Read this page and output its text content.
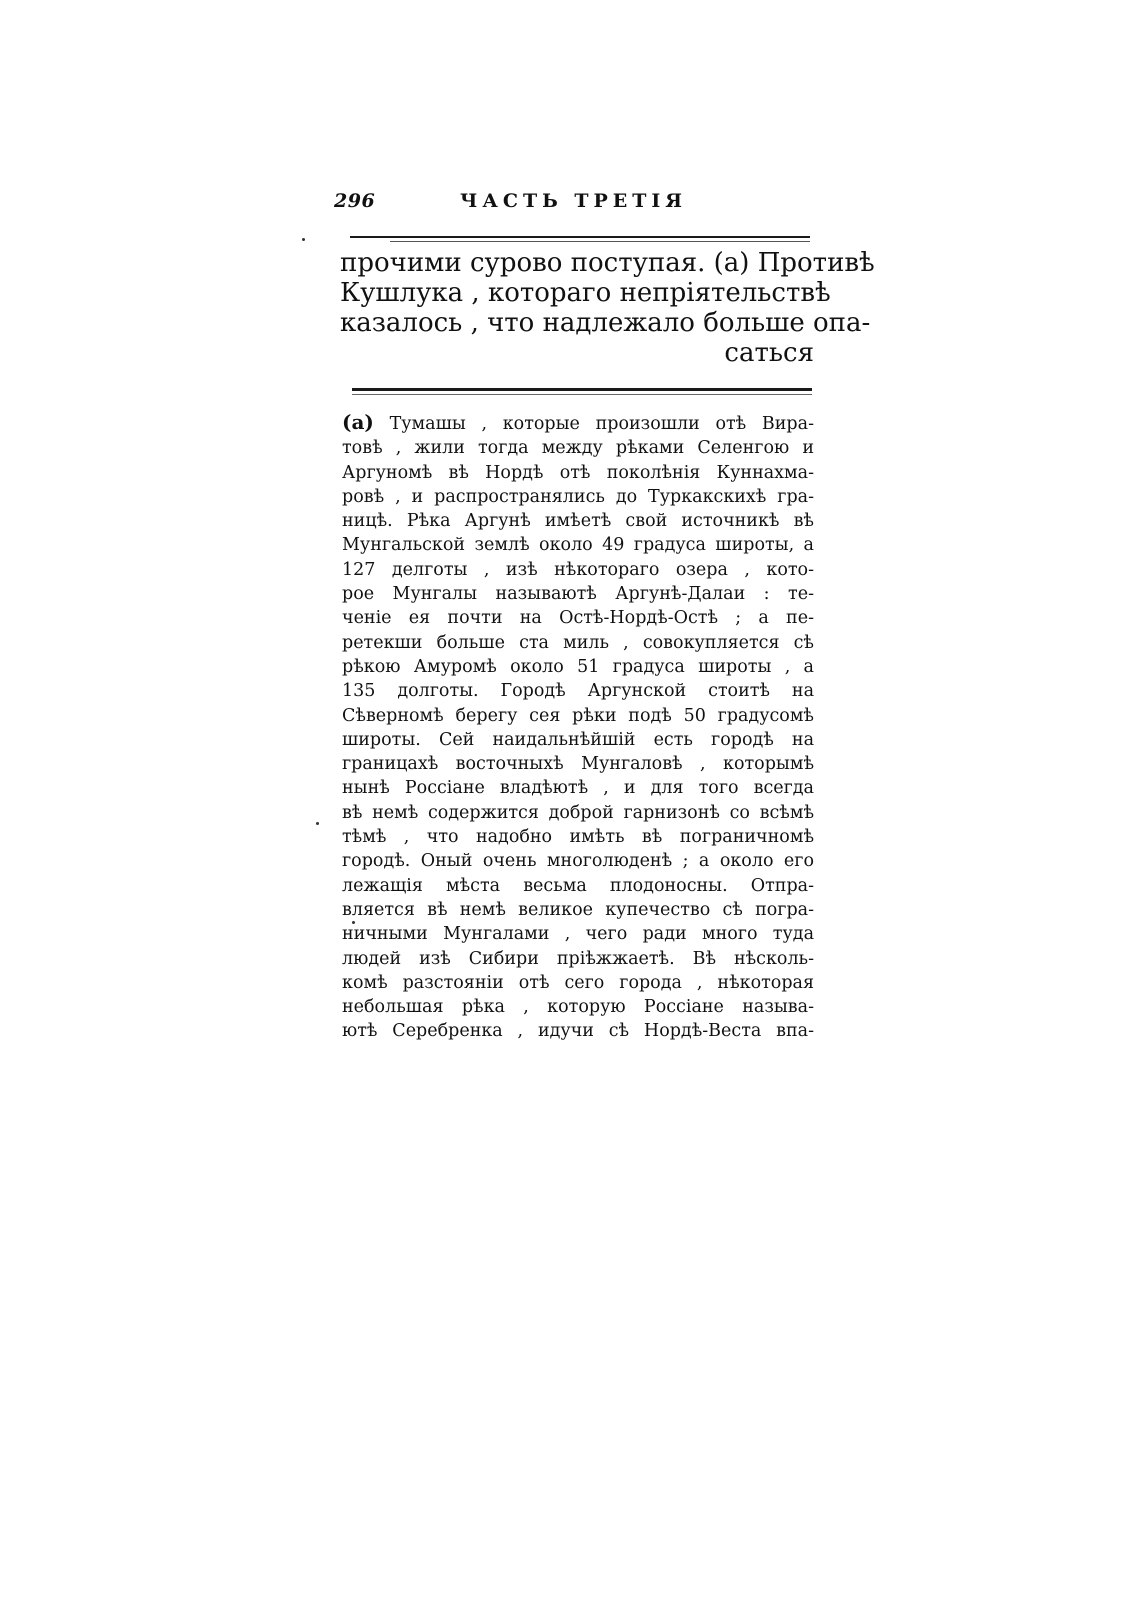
296	ЧАСТЬ ТРЕТІЯ
прочими сурово поступая. (а) Противѣ
Кушлука , котораго непріятельствѣ
казалось , что надлежало больше опа-
саться
(а) Тумашы , которые произошли отѣ Вира-
товѣ , жили тогда между рѣками Селенгою и
Аргуномѣ вѣ Нордѣ отѣ поколѣнія Куннахма-
ровѣ , и распространялись до Туркакскихѣ гра-
ницѣ. Рѣка Аргунѣ имѣетѣ свой источникѣ вѣ
Мунгальской землѣ около 49 градуса широты, а
127 делготы , изѣ нѣкотораго озера , кото-
рое Мунгалы называютѣ Аргунѣ-Далаи : те-
ченіе ея почти на Остѣ-Нордѣ-Остѣ ; а пе-
ретекши больше ста миль , совокупляется сѣ
рѣкою Амуромѣ около 51 градуса широты , а
135 долготы. Городѣ Аргунской стоитѣ на
Сѣверномѣ берегу сея рѣки подѣ 50 градусомѣ
широты. Сей наидальнѣйшій есть городѣ на
границахѣ восточныхѣ Мунгаловѣ , которымѣ
нынѣ Россіане владѣютѣ , и для того всегда
вѣ немѣ содержится доброй гарнизонѣ со всѣмѣ
тѣмѣ , что надобно имѣть вѣ пограничномѣ
городѣ. Оный очень многолюденѣ ; а около его
лежащія мѣста весьма плодоносны. Отпра-
вляется вѣ немѣ великое купечество сѣ погра-
ничными Мунгалами , чего ради много туда
людей изѣ Сибири пріѣжжаетѣ. Вѣ нѣсколь-
комѣ разстояніи отѣ сего города , нѣкоторая
небольшая рѣка , которую Россіане называ-
ютѣ Серебренка , идучи сѣ Нордѣ-Веста впа-
